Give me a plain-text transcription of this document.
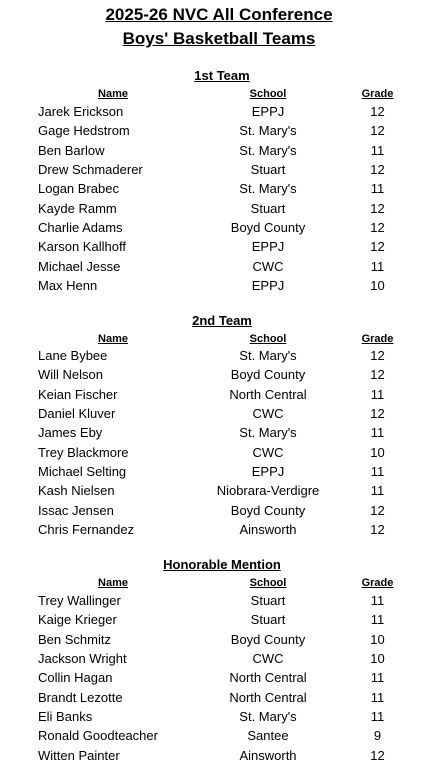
2025-26 NVC All Conference
Boys' Basketball Teams
1st Team
Name	School	Grade
Jarek Erickson	EPPJ	12
Gage Hedstrom	St. Mary's	12
Ben Barlow	St. Mary's	11
Drew Schmaderer	Stuart	12
Logan Brabec	St. Mary's	11
Kayde Ramm	Stuart	12
Charlie Adams	Boyd County	12
Karson Kallhoff	EPPJ	12
Michael Jesse	CWC	11
Max Henn	EPPJ	10
2nd Team
Name	School	Grade
Lane Bybee	St. Mary's	12
Will Nelson	Boyd County	12
Keian Fischer	North Central	11
Daniel Kluver	CWC	12
James Eby	St. Mary's	11
Trey Blackmore	CWC	10
Michael Selting	EPPJ	11
Kash Nielsen	Niobrara-Verdigre	11
Issac Jensen	Boyd County	12
Chris Fernandez	Ainsworth	12
Honorable Mention
Name	School	Grade
Trey Wallinger	Stuart	11
Kaige Krieger	Stuart	11
Ben Schmitz	Boyd County	10
Jackson Wright	CWC	10
Collin Hagan	North Central	11
Brandt Lezotte	North Central	11
Eli Banks	St. Mary's	11
Ronald Goodteacher	Santee	9
Witten Painter	Ainsworth	12
